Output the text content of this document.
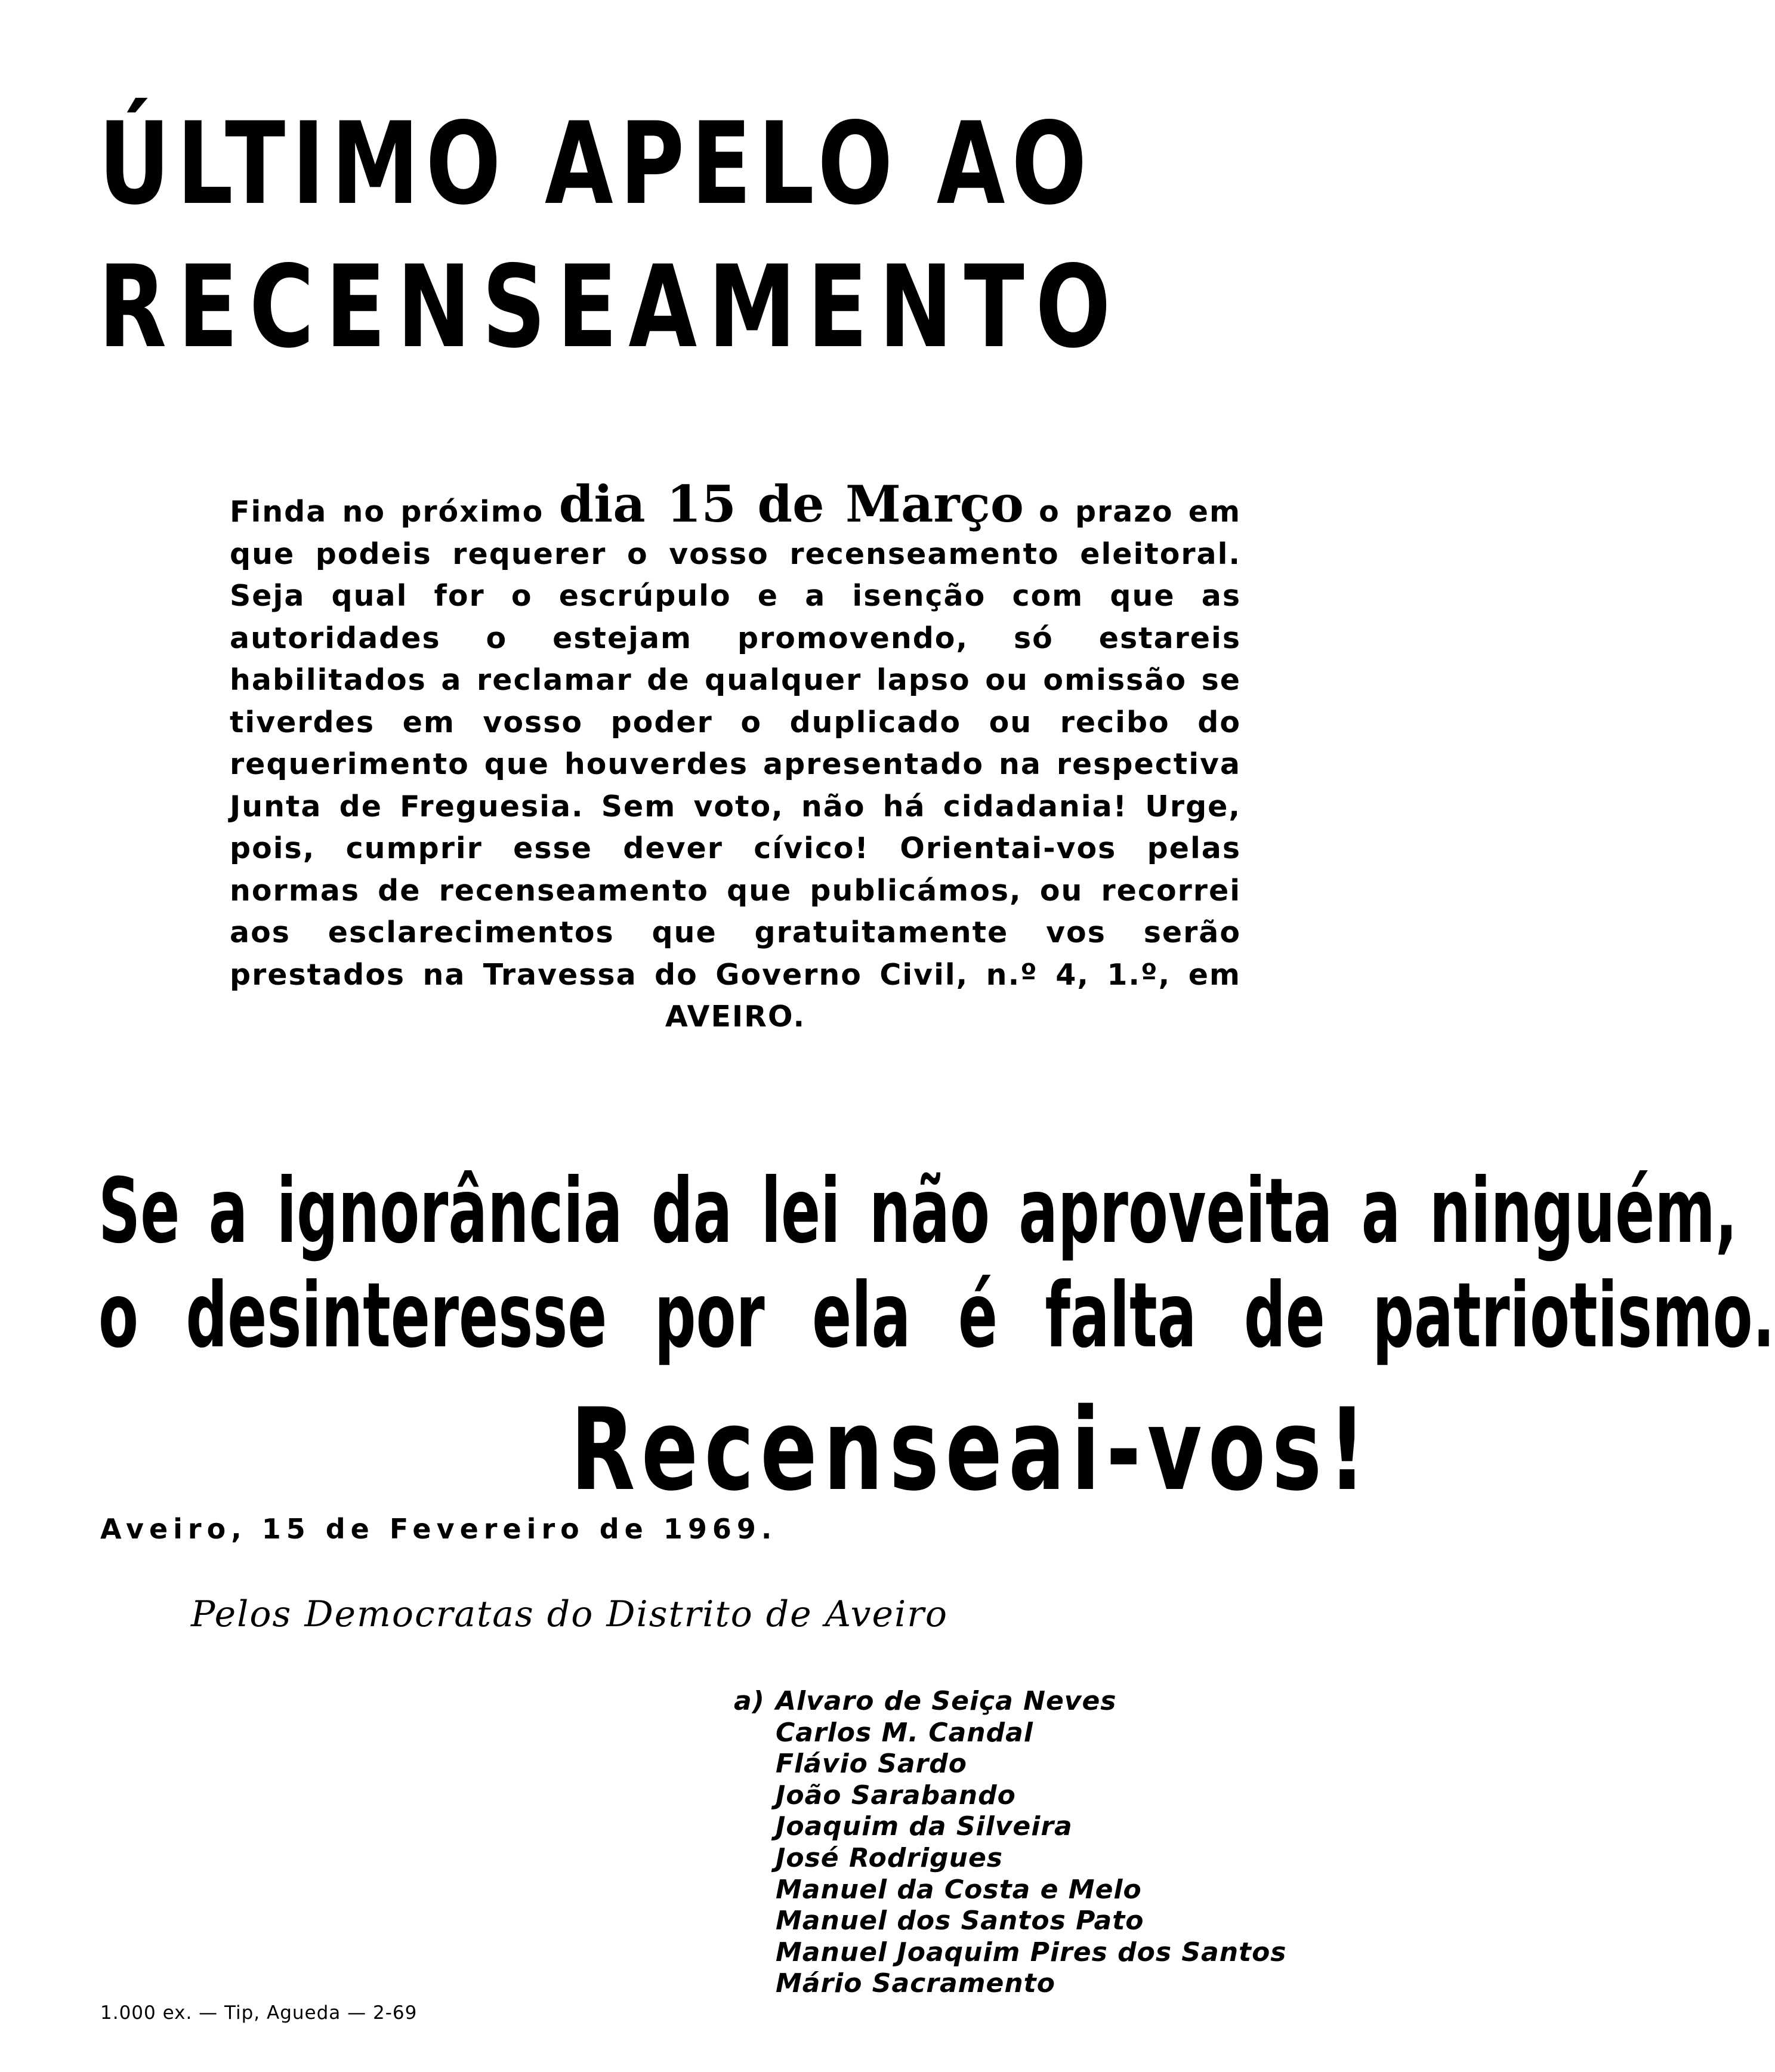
ÚLTIMO APELO AO
RECENSEAMENTO

Finda no próximo dia 15 de Março o prazo em que podeis requerer o vosso recenseamento eleitoral. Seja qual for o escrúpulo e a isenção com que as autoridades o estejam promovendo, só estareis habilitados a reclamar de qualquer lapso ou omissão se tiverdes em vosso poder o duplicado ou recibo do requerimento que houverdes apresentado na respectiva Junta de Freguesia. Sem voto, não há cidadania! Urge, pois, cumprir esse dever cívico! Orientai-vos pelas normas de recenseamento que publicámos, ou recorrei aos esclarecimentos que gratuitamente vos serão prestados na Travessa do Governo Civil, n.º 4, 1.º, em AVEIRO.

Se a ignorância da lei não aproveita a ninguém,

o desinteresse por ela é falta de patriotismo.

Recenseai-vos!

Aveiro, 15 de Fevereiro de 1969.

Pelos Democratas do Distrito de Aveiro

a) Alvaro de Seiça Neves
Carlos M. Candal
Flávio Sardo
João Sarabando
Joaquim da Silveira
José Rodrigues
Manuel da Costa e Melo
Manuel dos Santos Pato
Manuel Joaquim Pires dos Santos
Mário Sacramento

1.000 ex. — Tip, Agueda — 2-69
